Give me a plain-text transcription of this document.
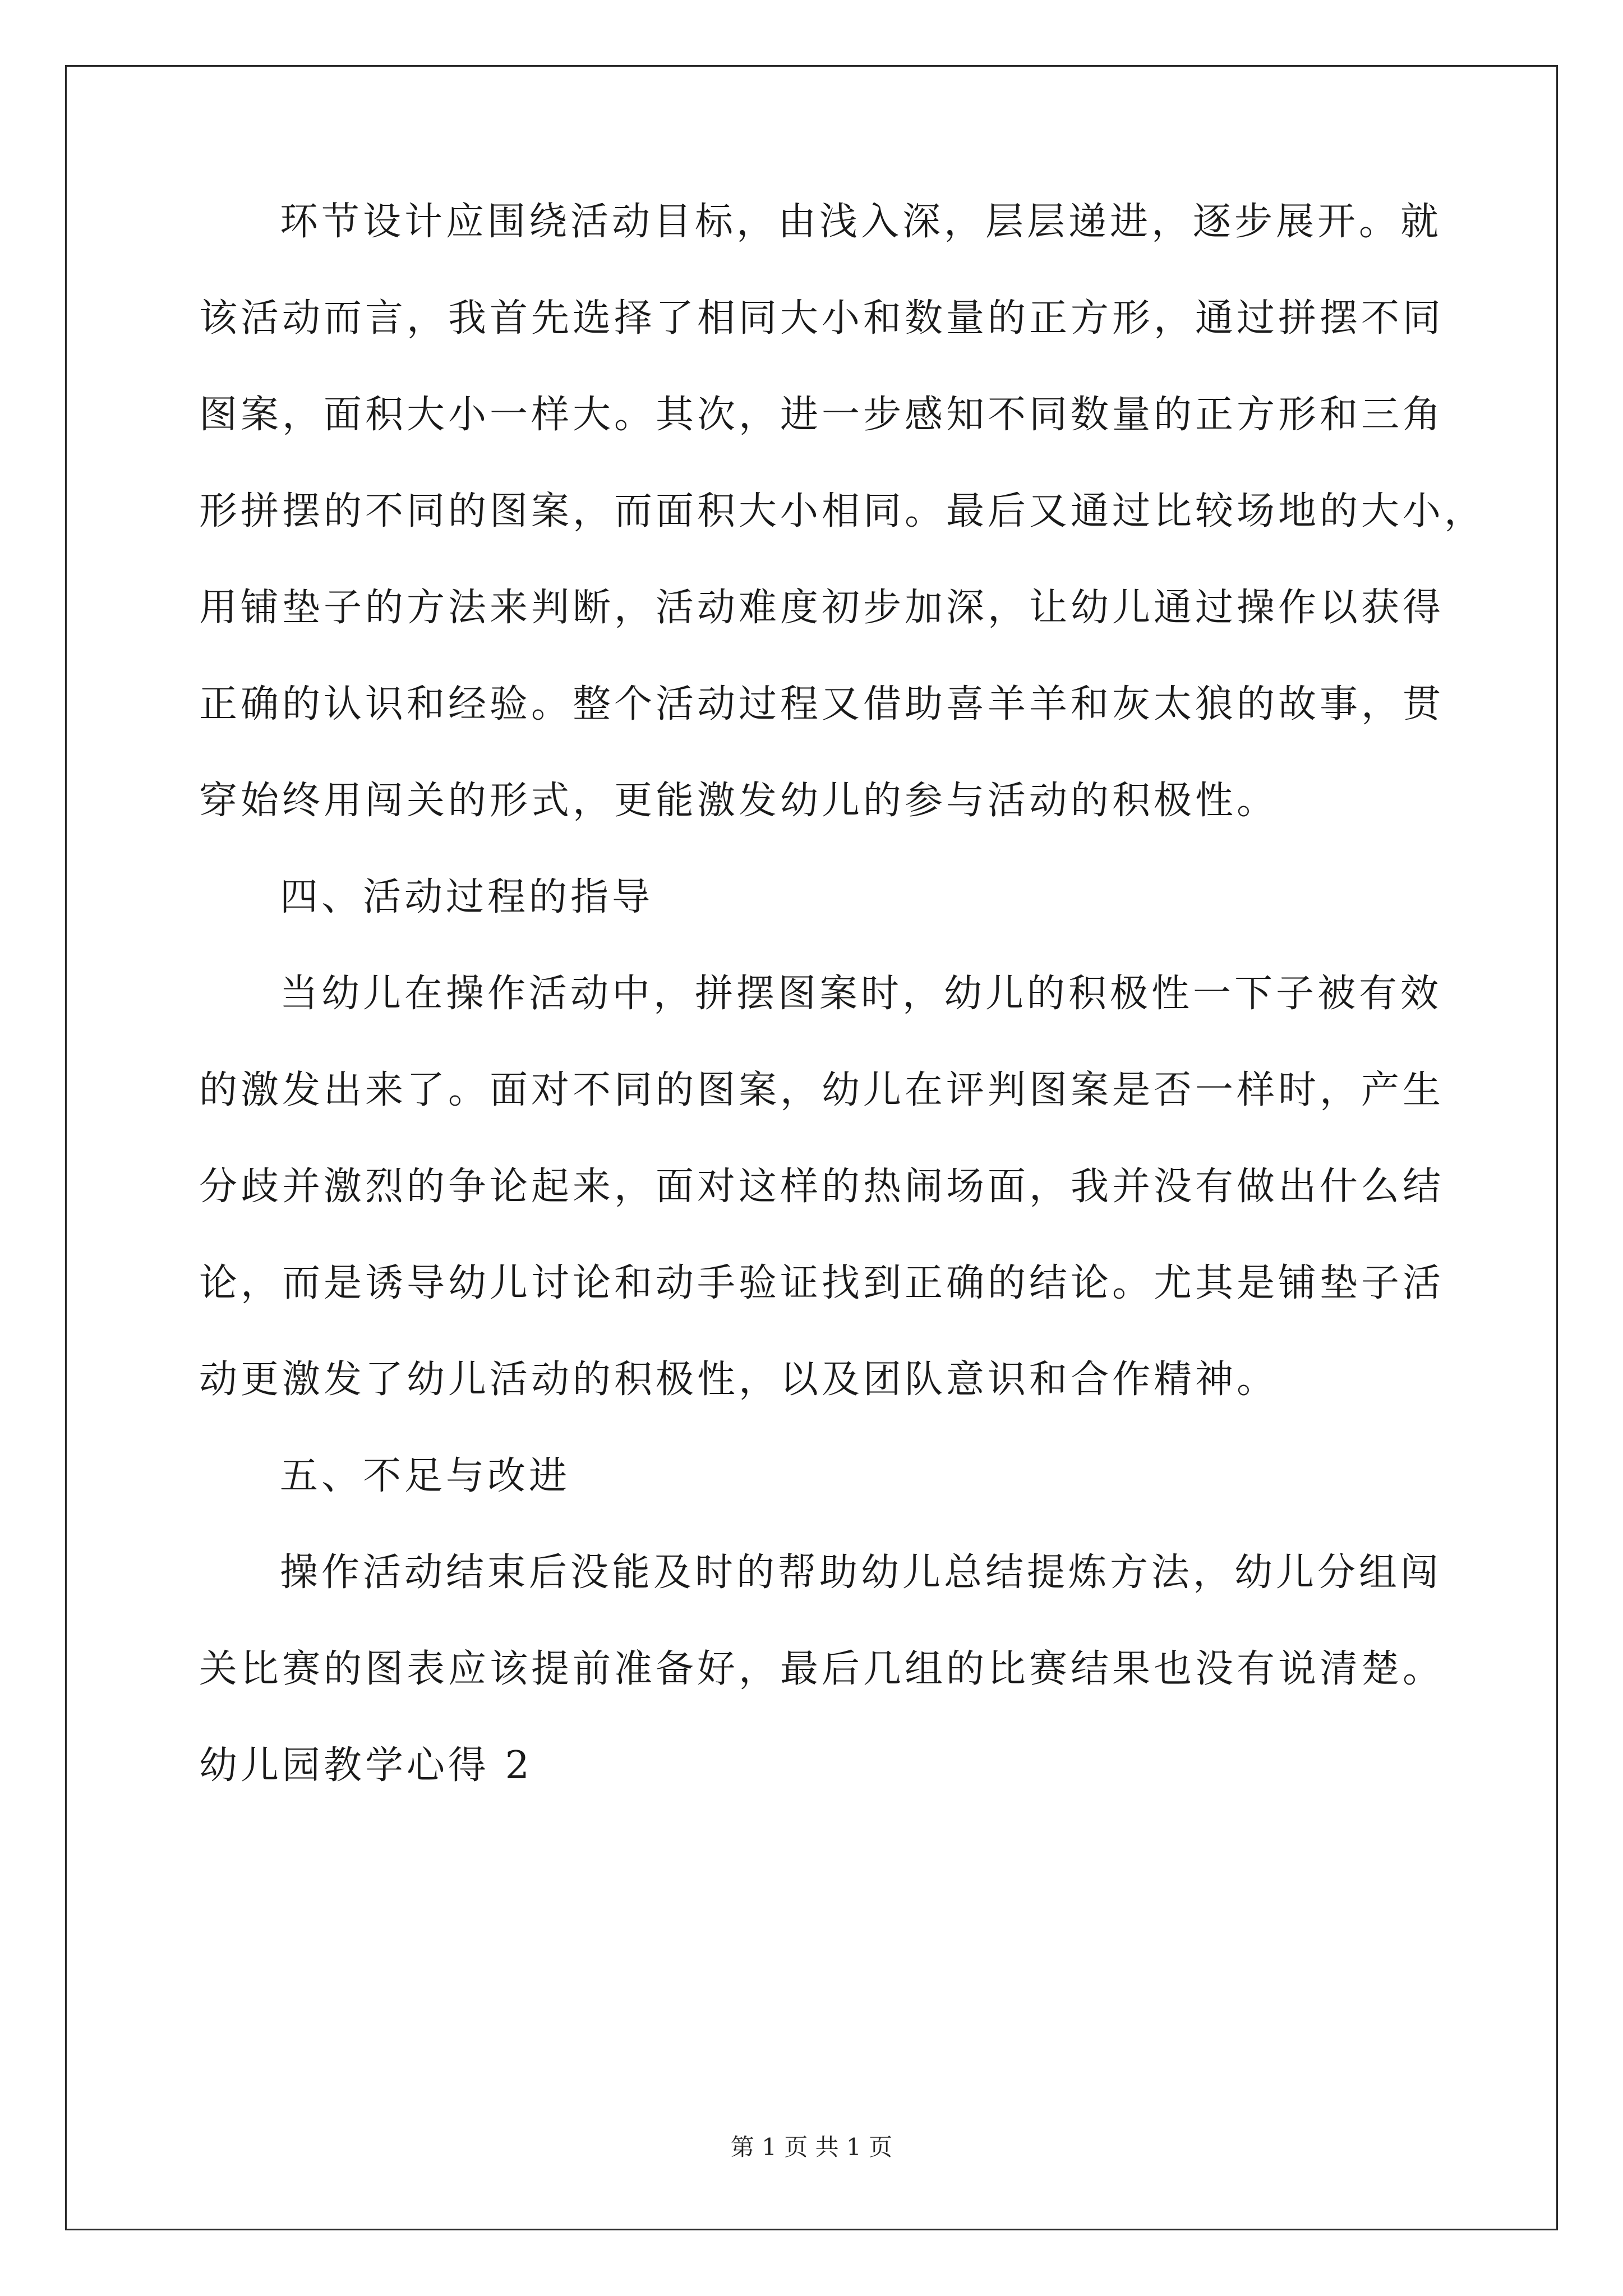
环节设计应围绕活动目标，由浅入深，层层递进，逐步展开。就
该活动而言，我首先选择了相同大小和数量的正方形，通过拼摆不同
图案，面积大小一样大。其次，进一步感知不同数量的正方形和三角
形拼摆的不同的图案，而面积大小相同。最后又通过比较场地的大小，
用铺垫子的方法来判断，活动难度初步加深，让幼儿通过操作以获得
正确的认识和经验。整个活动过程又借助喜羊羊和灰太狼的故事，贯
穿始终用闯关的形式，更能激发幼儿的参与活动的积极性。
四、活动过程的指导
当幼儿在操作活动中，拼摆图案时，幼儿的积极性一下子被有效
的激发出来了。面对不同的图案，幼儿在评判图案是否一样时，产生
分歧并激烈的争论起来，面对这样的热闹场面，我并没有做出什么结
论，而是诱导幼儿讨论和动手验证找到正确的结论。尤其是铺垫子活
动更激发了幼儿活动的积极性，以及团队意识和合作精神。
五、不足与改进
操作活动结束后没能及时的帮助幼儿总结提炼方法，幼儿分组闯
关比赛的图表应该提前准备好，最后几组的比赛结果也没有说清楚。
幼儿园教学心得 2
第 1 页 共 1 页
